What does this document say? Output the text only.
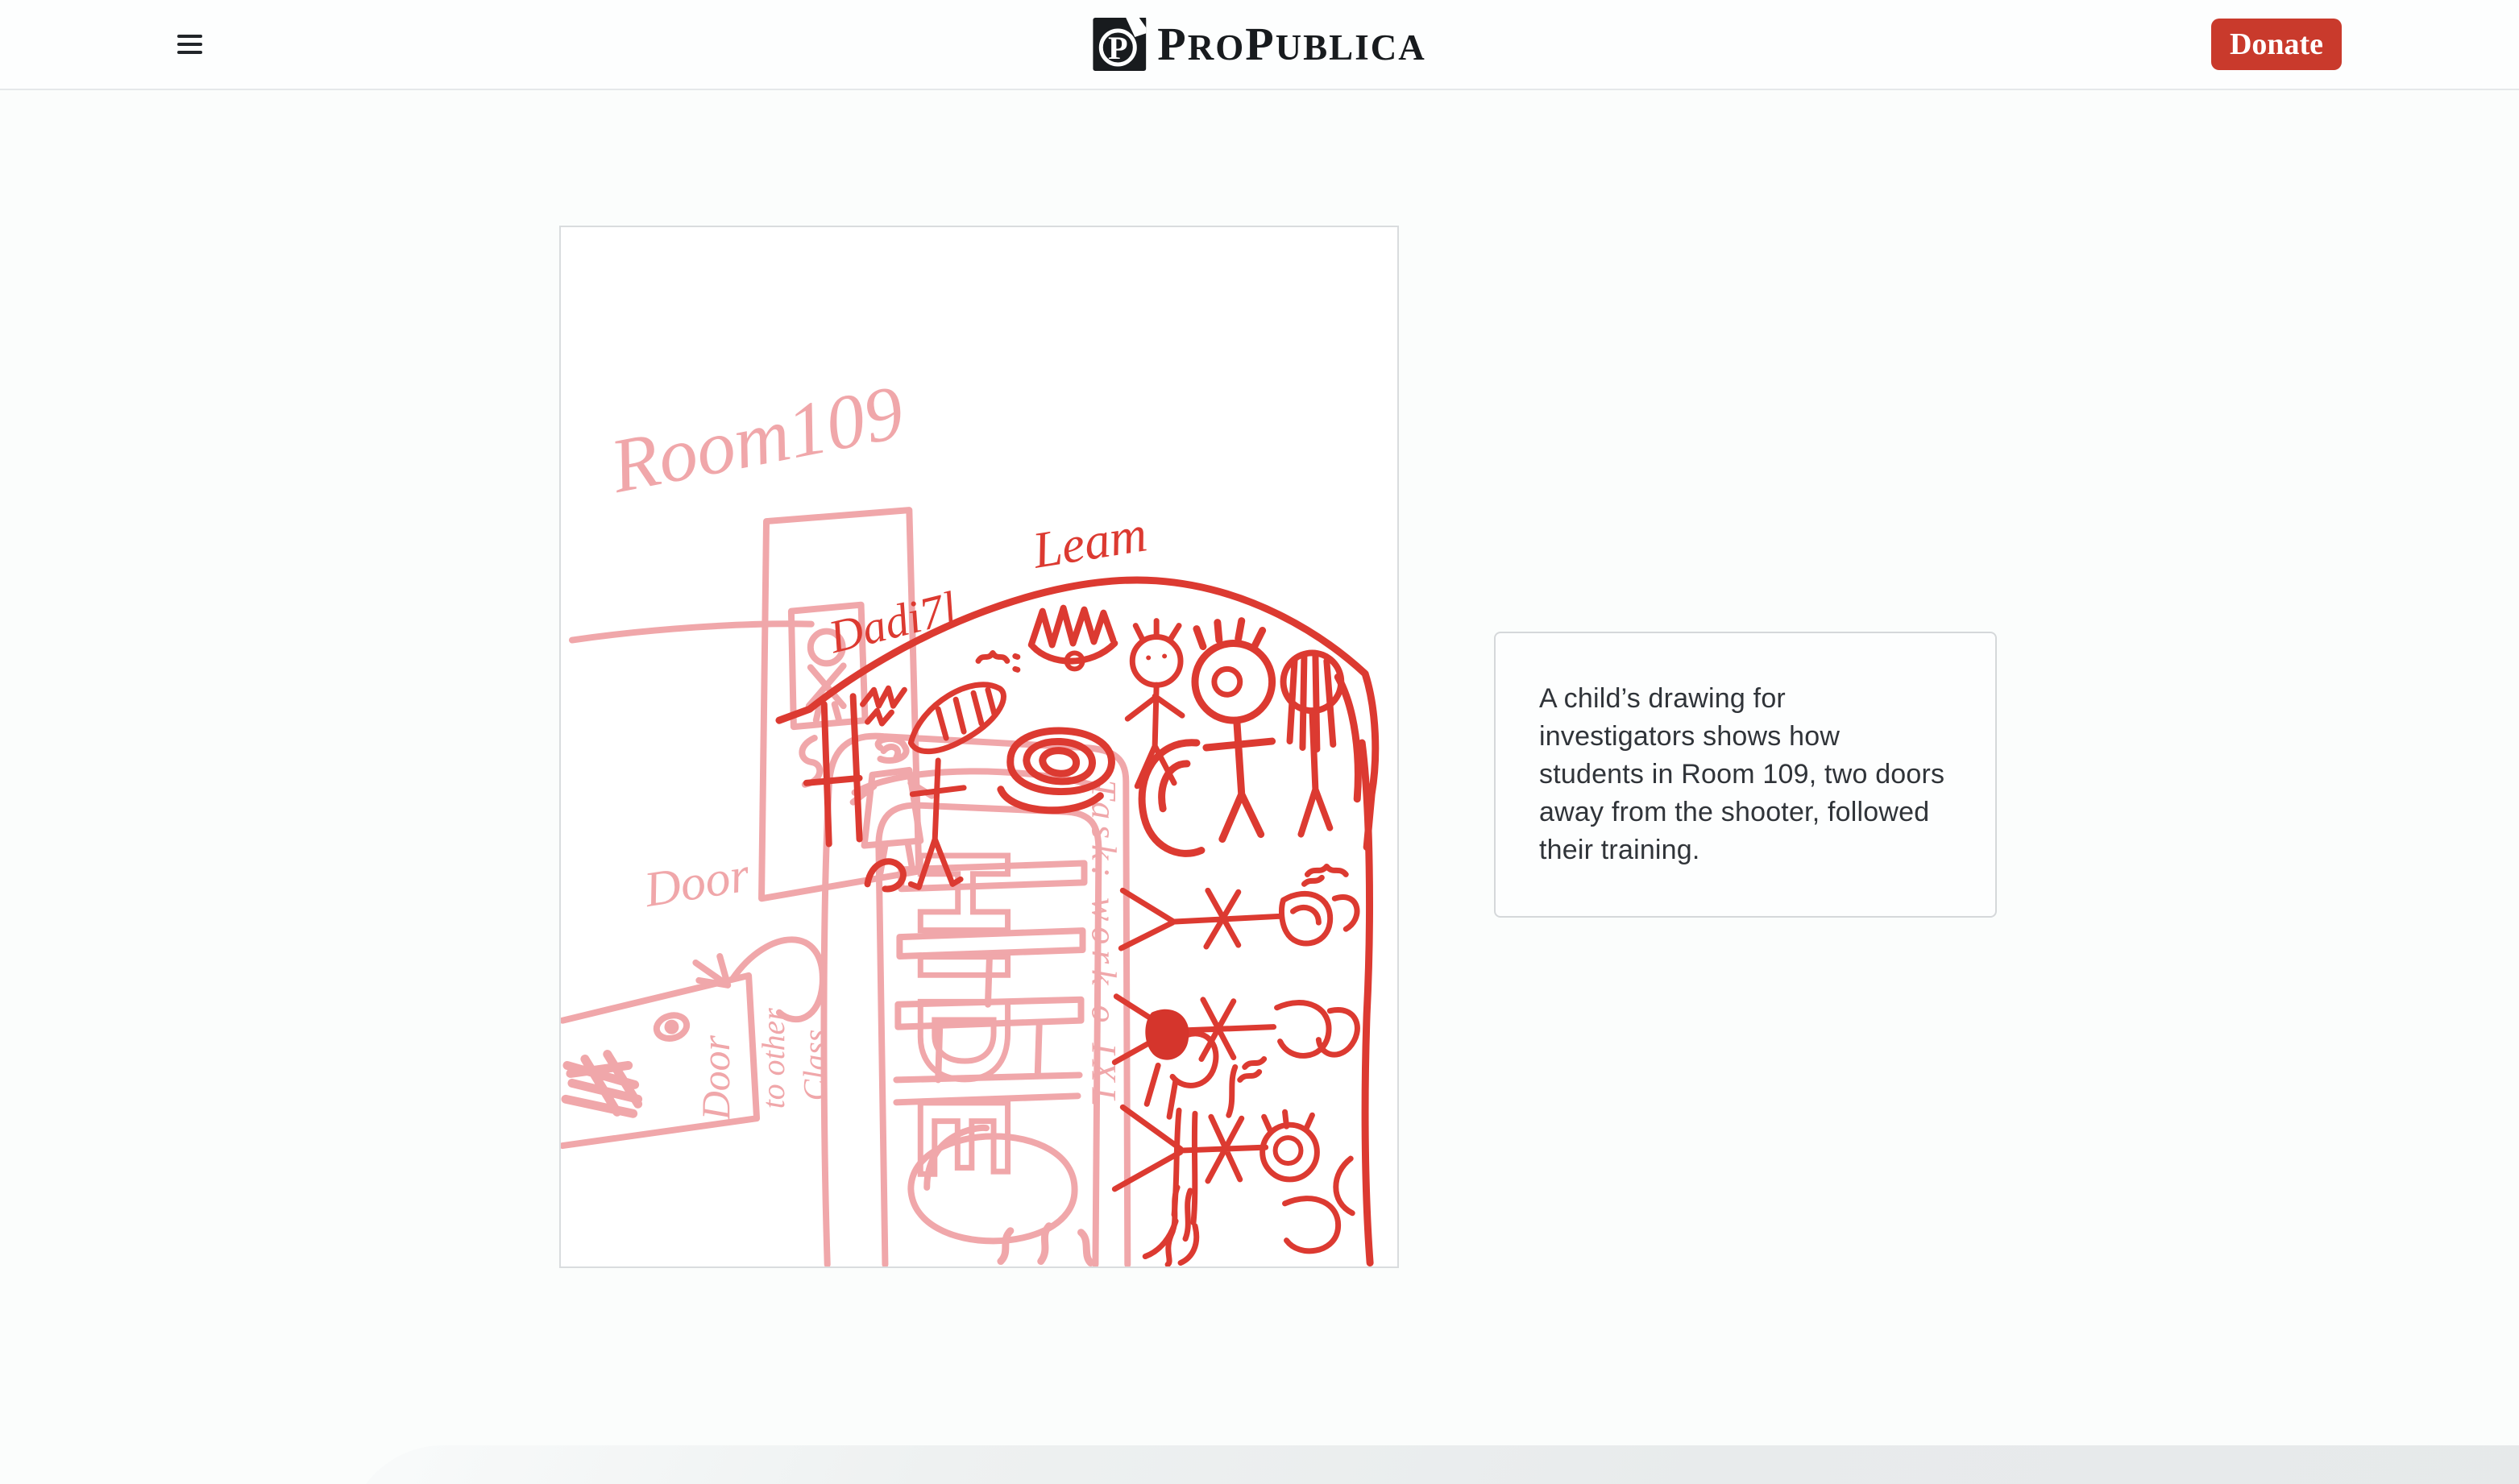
P PROPUBLICA	Donate
Room109
Door HIDE Task: work o IXL
Door to other Class
Leam
Dadi7l
A child’s drawing for
investigators shows how
students in Room 109, two doors
away from the shooter, followed
their training.
